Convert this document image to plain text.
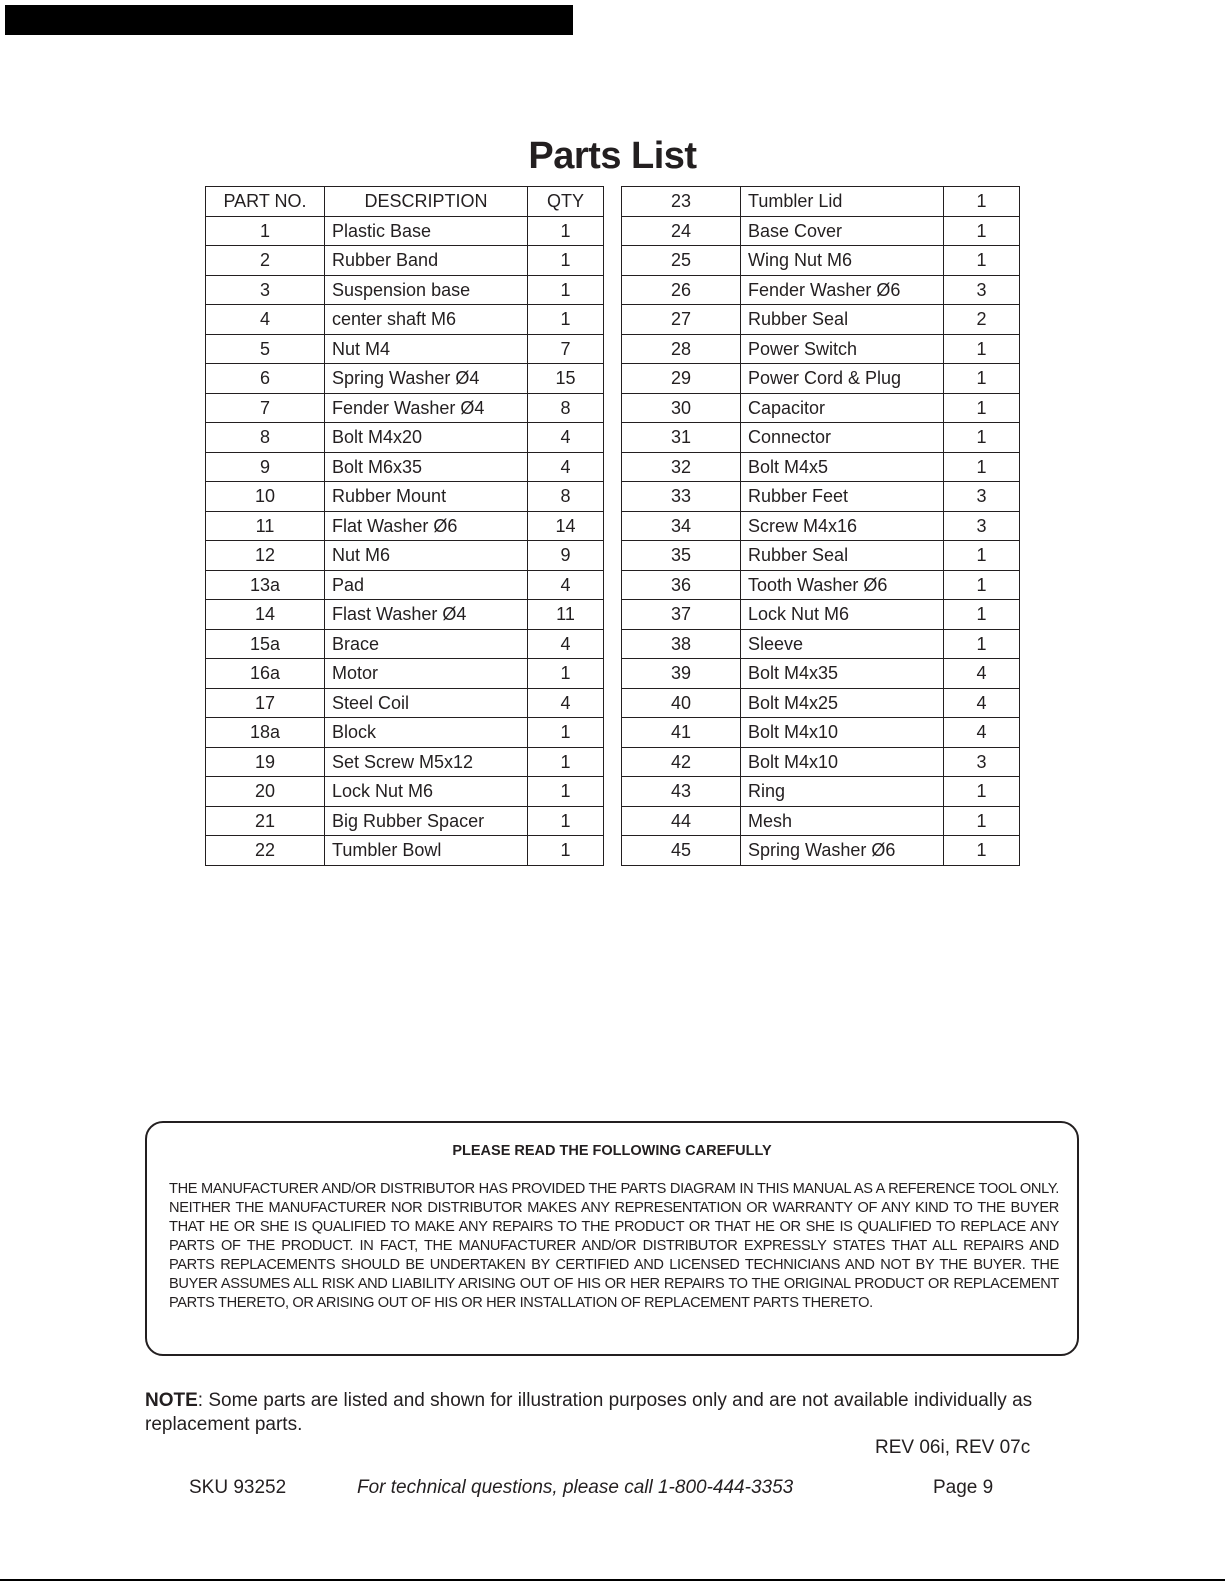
Parts List
PART NO.	DESCRIPTION	QTY
1	Plastic Base	1
2	Rubber Band	1
3	Suspension base	1
4	center shaft M6	1
5	Nut M4	7
6	Spring Washer Ø4	15
7	Fender Washer Ø4	8
8	Bolt M4x20	4
9	Bolt M6x35	4
10	Rubber Mount	8
11	Flat Washer Ø6	14
12	Nut M6	9
13a	Pad	4
14	Flast Washer Ø4	11
15a	Brace	4
16a	Motor	1
17	Steel Coil	4
18a	Block	1
19	Set Screw M5x12	1
20	Lock Nut M6	1
21	Big Rubber Spacer	1
22	Tumbler Bowl	1
23	Tumbler Lid	1
24	Base Cover	1
25	Wing Nut M6	1
26	Fender Washer Ø6	3
27	Rubber Seal	2
28	Power Switch	1
29	Power Cord & Plug	1
30	Capacitor	1
31	Connector	1
32	Bolt M4x5	1
33	Rubber Feet	3
34	Screw M4x16	3
35	Rubber Seal	1
36	Tooth Washer Ø6	1
37	Lock Nut M6	1
38	Sleeve	1
39	Bolt M4x35	4
40	Bolt M4x25	4
41	Bolt M4x10	4
42	Bolt M4x10	3
43	Ring	1
44	Mesh	1
45	Spring Washer Ø6	1
PLEASE READ THE FOLLOWING CAREFULLY
THE MANUFACTURER AND/OR DISTRIBUTOR HAS PROVIDED THE PARTS DIAGRAM IN THIS MANUAL AS A REFERENCE TOOL ONLY. NEITHER THE MANUFACTURER NOR DISTRIBUTOR MAKES ANY REPRESENTATION OR WARRANTY OF ANY KIND TO THE BUYER THAT HE OR SHE IS QUALIFIED TO MAKE ANY REPAIRS TO THE PRODUCT OR THAT HE OR SHE IS QUALIFIED TO REPLACE ANY PARTS OF THE PRODUCT. IN FACT, THE MANUFACTURER AND/OR DISTRIBUTOR EXPRESSLY STATES THAT ALL REPAIRS AND PARTS REPLACEMENTS SHOULD BE UNDERTAKEN BY CERTIFIED AND LICENSED TECHNICIANS AND NOT BY THE BUYER. THE BUYER ASSUMES ALL RISK AND LIABILITY ARISING OUT OF HIS OR HER REPAIRS TO THE ORIGINAL PRODUCT OR REPLACEMENT PARTS THERETO, OR ARISING OUT OF HIS OR HER INSTALLATION OF REPLACEMENT PARTS THERETO.
NOTE: Some parts are listed and shown for illustration purposes only and are not available individually as replacement parts.
REV 06i, REV 07c
SKU 93252	For technical questions, please call 1-800-444-3353	Page 9
